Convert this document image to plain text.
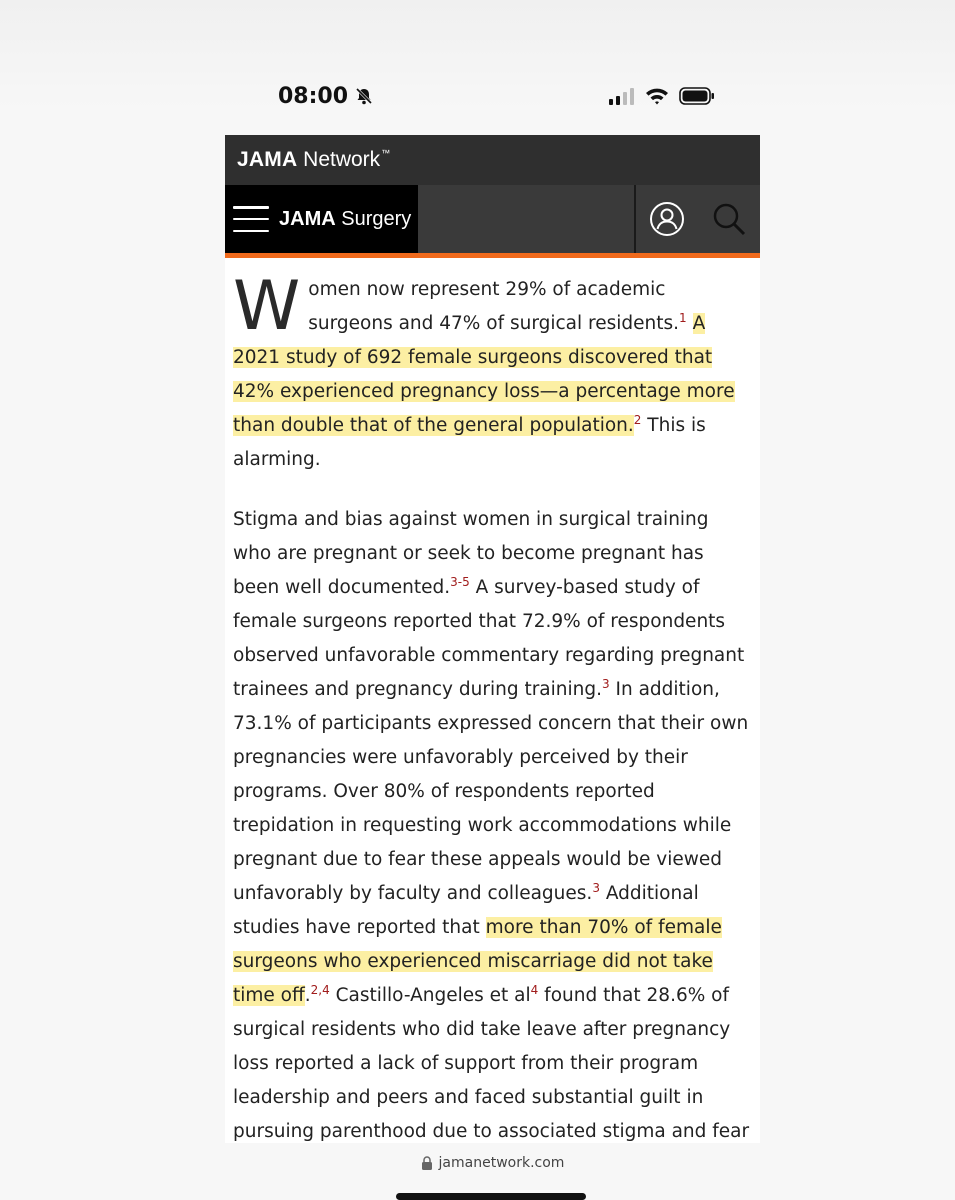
08:00
JAMA Network™
JAMA Surgery

Women now represent 29% of academic surgeons and 47% of surgical residents.$^1$ A 2021 study of 692 female surgeons discovered that 42% experienced pregnancy loss—a percentage more than double that of the general population.$^2$ This is alarming.

Stigma and bias against women in surgical training who are pregnant or seek to become pregnant has been well documented.$^{3-5}$ A survey-based study of female surgeons reported that 72.9% of respondents observed unfavorable commentary regarding pregnant trainees and pregnancy during training.$^3$ In addition, 73.1% of participants expressed concern that their own pregnancies were unfavorably perceived by their programs. Over 80% of respondents reported trepidation in requesting work accommodations while pregnant due to fear these appeals would be viewed unfavorably by faculty and colleagues.$^3$ Additional studies have reported that more than 70% of female surgeons who experienced miscarriage did not take time off.$^{2,4}$ Castillo-Angeles et al$^4$ found that 28.6% of surgical residents who did take leave after pregnancy loss reported a lack of support from their program leadership and peers and faced substantial guilt in pursuing parenthood due to associated stigma and fear

jamanetwork.com
